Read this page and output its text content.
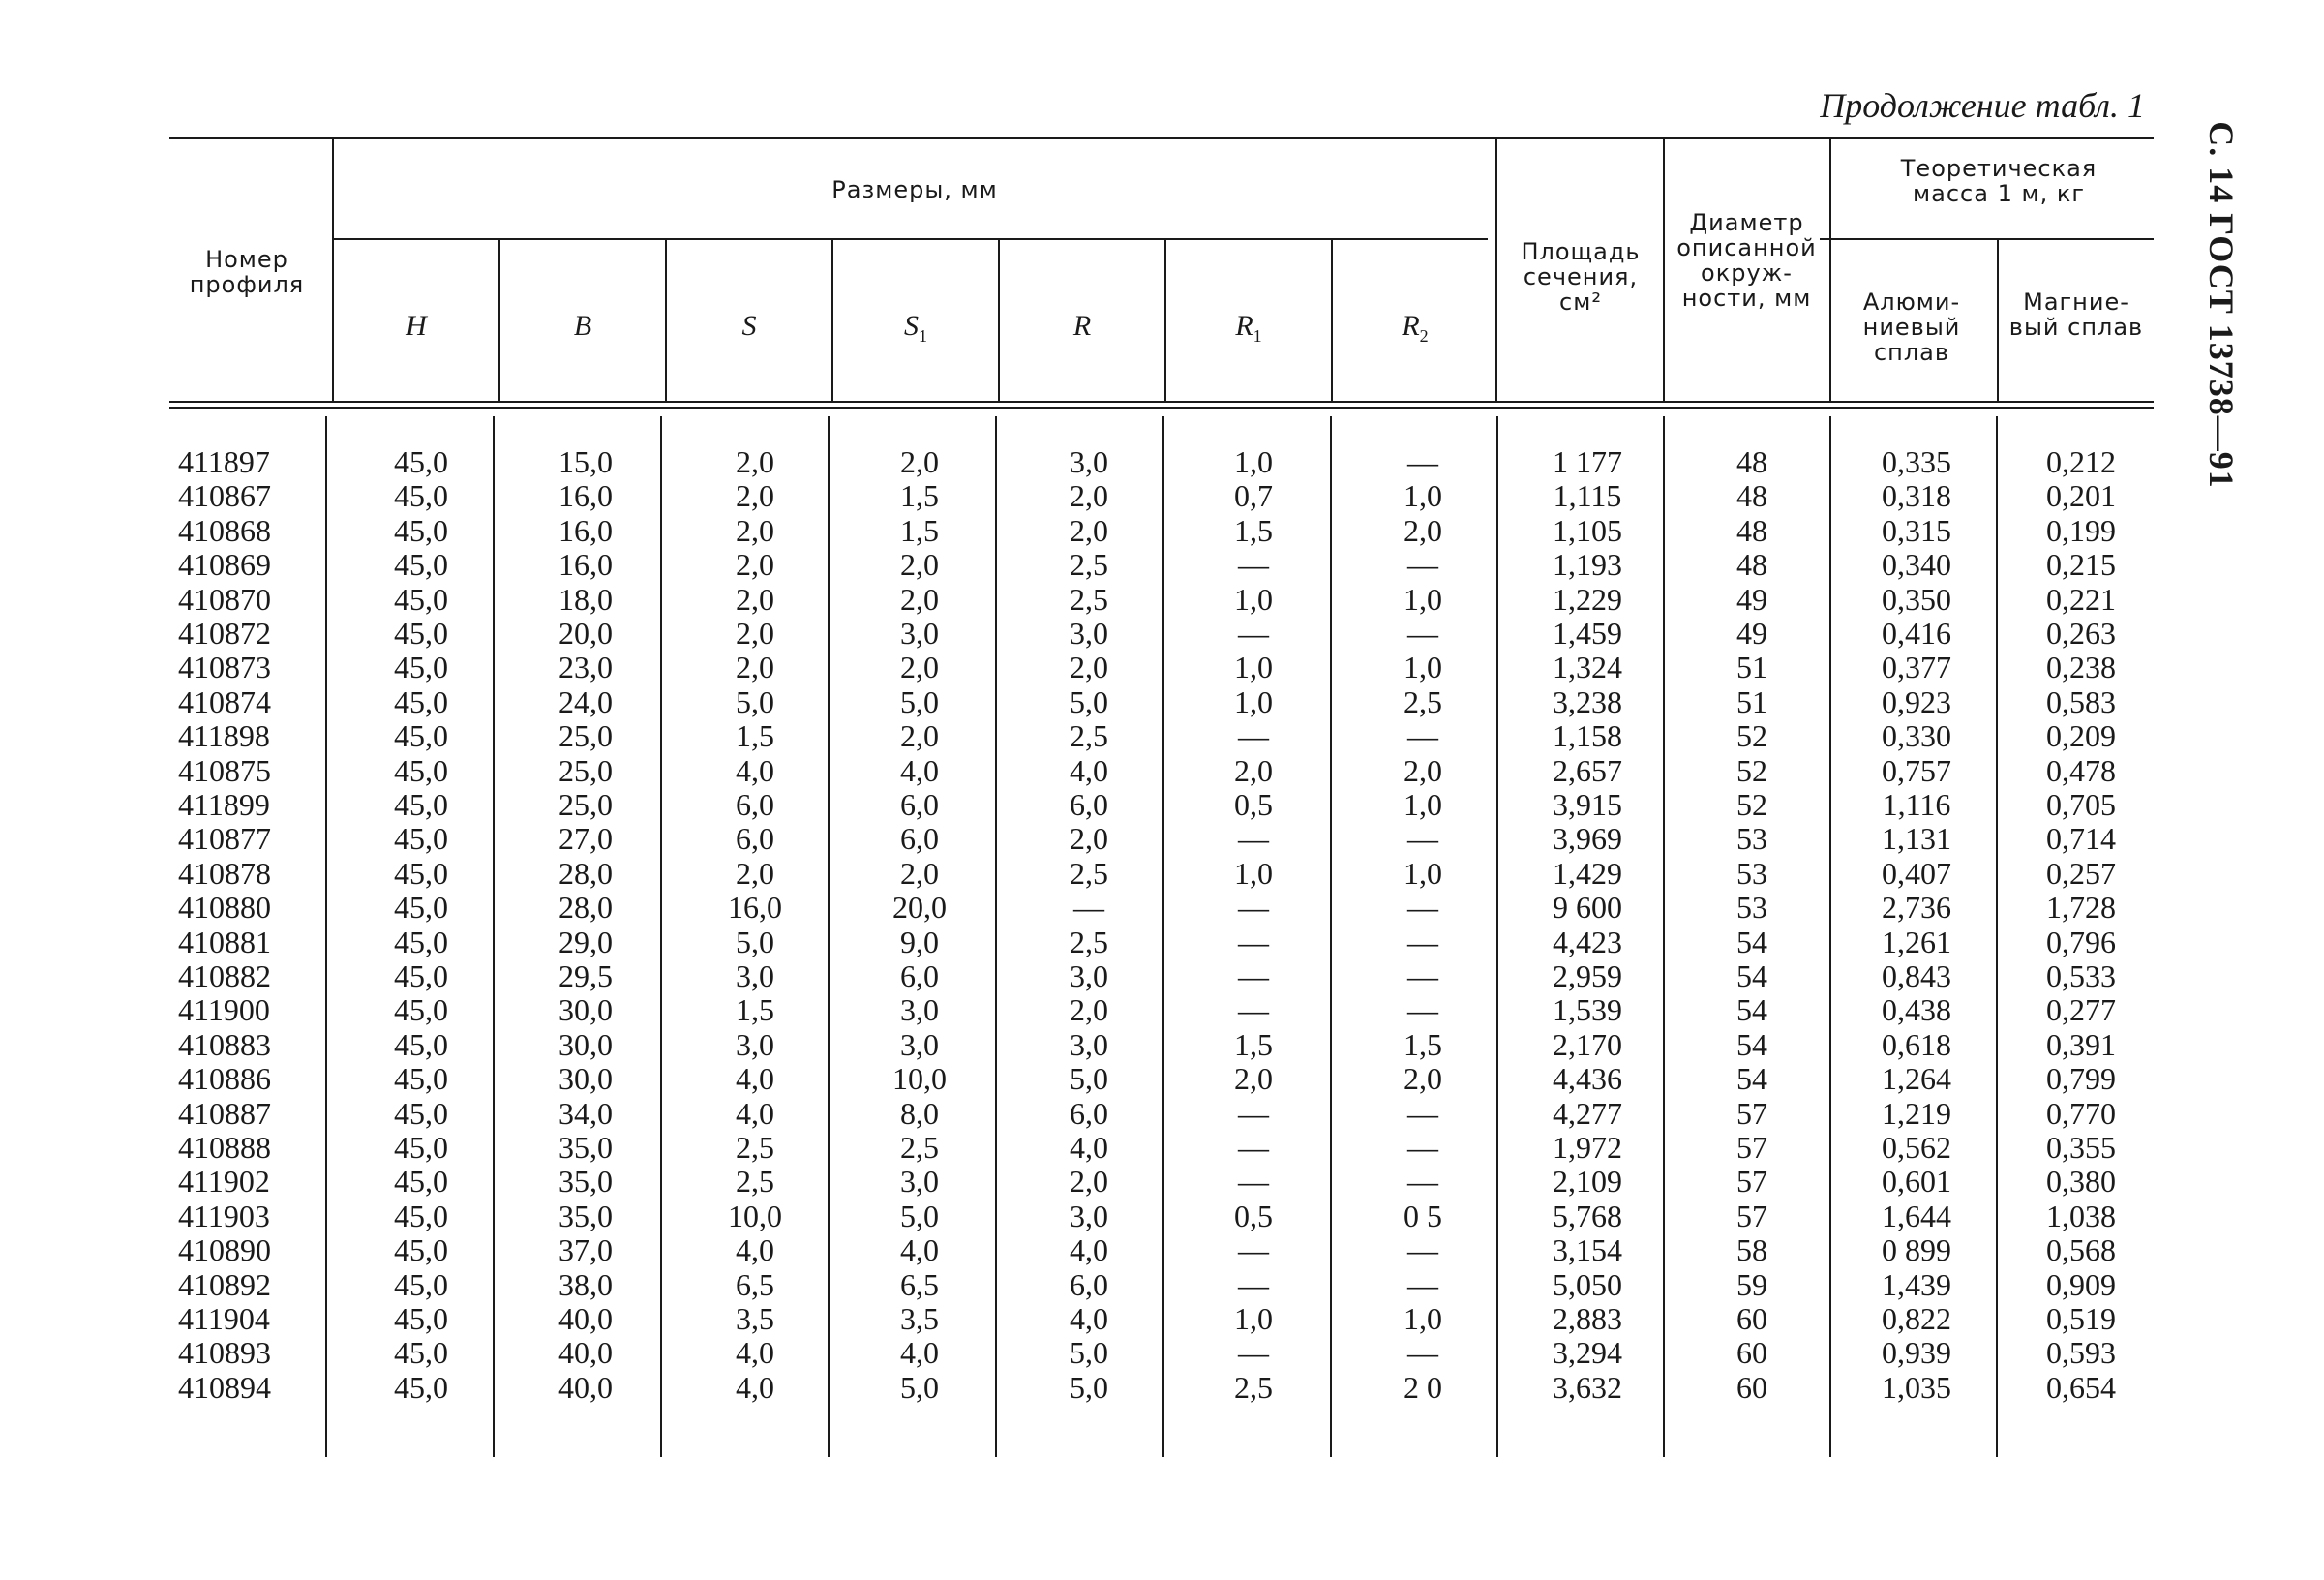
Продолжение табл. 1
С. 14 ГОСТ 13738—91
Номер профиля
Размеры, мм
H	B	S	$S_1$	R	$R_1$	$R_2$
Площадь сечения, см²
Диаметр описанной окруж-ности, мм
Теоретическая масса 1 м, кг
Алюми-ниевый сплав
Магние-вый сплав
411897	45,0	15,0	2,0	2,0	3,0	1,0	—	1 177	48	0,335	0,212
410867	45,0	16,0	2,0	1,5	2,0	0,7	1,0	1,115	48	0,318	0,201
410868	45,0	16,0	2,0	1,5	2,0	1,5	2,0	1,105	48	0,315	0,199
410869	45,0	16,0	2,0	2,0	2,5	—	—	1,193	48	0,340	0,215
410870	45,0	18,0	2,0	2,0	2,5	1,0	1,0	1,229	49	0,350	0,221
410872	45,0	20,0	2,0	3,0	3,0	—	—	1,459	49	0,416	0,263
410873	45,0	23,0	2,0	2,0	2,0	1,0	1,0	1,324	51	0,377	0,238
410874	45,0	24,0	5,0	5,0	5,0	1,0	2,5	3,238	51	0,923	0,583
411898	45,0	25,0	1,5	2,0	2,5	—	—	1,158	52	0,330	0,209
410875	45,0	25,0	4,0	4,0	4,0	2,0	2,0	2,657	52	0,757	0,478
411899	45,0	25,0	6,0	6,0	6,0	0,5	1,0	3,915	52	1,116	0,705
410877	45,0	27,0	6,0	6,0	2,0	—	—	3,969	53	1,131	0,714
410878	45,0	28,0	2,0	2,0	2,5	1,0	1,0	1,429	53	0,407	0,257
410880	45,0	28,0	16,0	20,0	—	—	—	9 600	53	2,736	1,728
410881	45,0	29,0	5,0	9,0	2,5	—	—	4,423	54	1,261	0,796
410882	45,0	29,5	3,0	6,0	3,0	—	—	2,959	54	0,843	0,533
411900	45,0	30,0	1,5	3,0	2,0	—	—	1,539	54	0,438	0,277
410883	45,0	30,0	3,0	3,0	3,0	1,5	1,5	2,170	54	0,618	0,391
410886	45,0	30,0	4,0	10,0	5,0	2,0	2,0	4,436	54	1,264	0,799
410887	45,0	34,0	4,0	8,0	6,0	—	—	4,277	57	1,219	0,770
410888	45,0	35,0	2,5	2,5	4,0	—	—	1,972	57	0,562	0,355
411902	45,0	35,0	2,5	3,0	2,0	—	—	2,109	57	0,601	0,380
411903	45,0	35,0	10,0	5,0	3,0	0,5	0 5	5,768	57	1,644	1,038
410890	45,0	37,0	4,0	4,0	4,0	—	—	3,154	58	0 899	0,568
410892	45,0	38,0	6,5	6,5	6,0	—	—	5,050	59	1,439	0,909
411904	45,0	40,0	3,5	3,5	4,0	1,0	1,0	2,883	60	0,822	0,519
410893	45,0	40,0	4,0	4,0	5,0	—	—	3,294	60	0,939	0,593
410894	45,0	40,0	4,0	5,0	5,0	2,5	2 0	3,632	60	1,035	0,654
